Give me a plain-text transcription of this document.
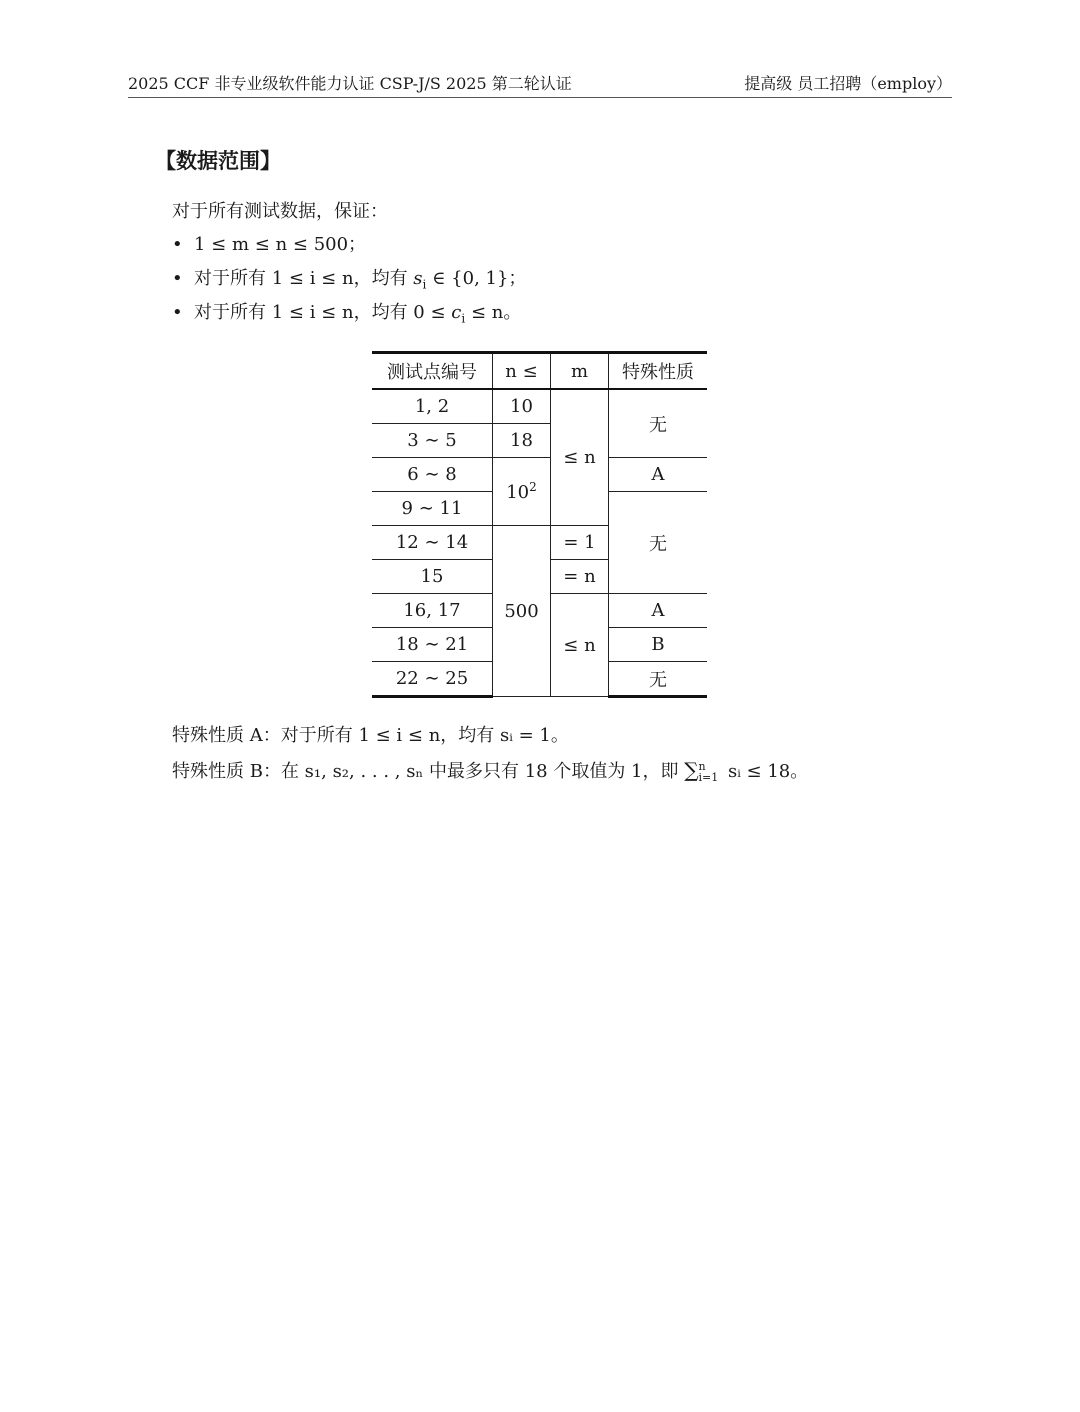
2025 CCF 非专业级软件能力认证 CSP-J/S 2025 第二轮认证	提高级 员工招聘（employ）
【数据范围】
对于所有测试数据，保证：
• 1 ≤ m ≤ n ≤ 500；
• 对于所有 1 ≤ i ≤ n，均有 $s_i$ ∈ {0, 1}；
• 对于所有 1 ≤ i ≤ n，均有 $0 \le c_i \le n$。
测试点编号	n ≤	m	特殊性质
1, 2	10	≤ n	无
3 ∼ 5	18		
6 ∼ 8	$10^2$		A
9 ∼ 11			无
12 ∼ 14	500	= 1	
15		= n	
16, 17		≤ n	A
18 ∼ 21			B
22 ∼ 25			无
特殊性质 A：对于所有 1 ≤ i ≤ n，均有 sᵢ = 1。
特殊性质 B：在 s₁, s₂, . . . , sₙ 中最多只有 18 个取值为 1，即 ∑n
i=1 sᵢ ≤ 18。
